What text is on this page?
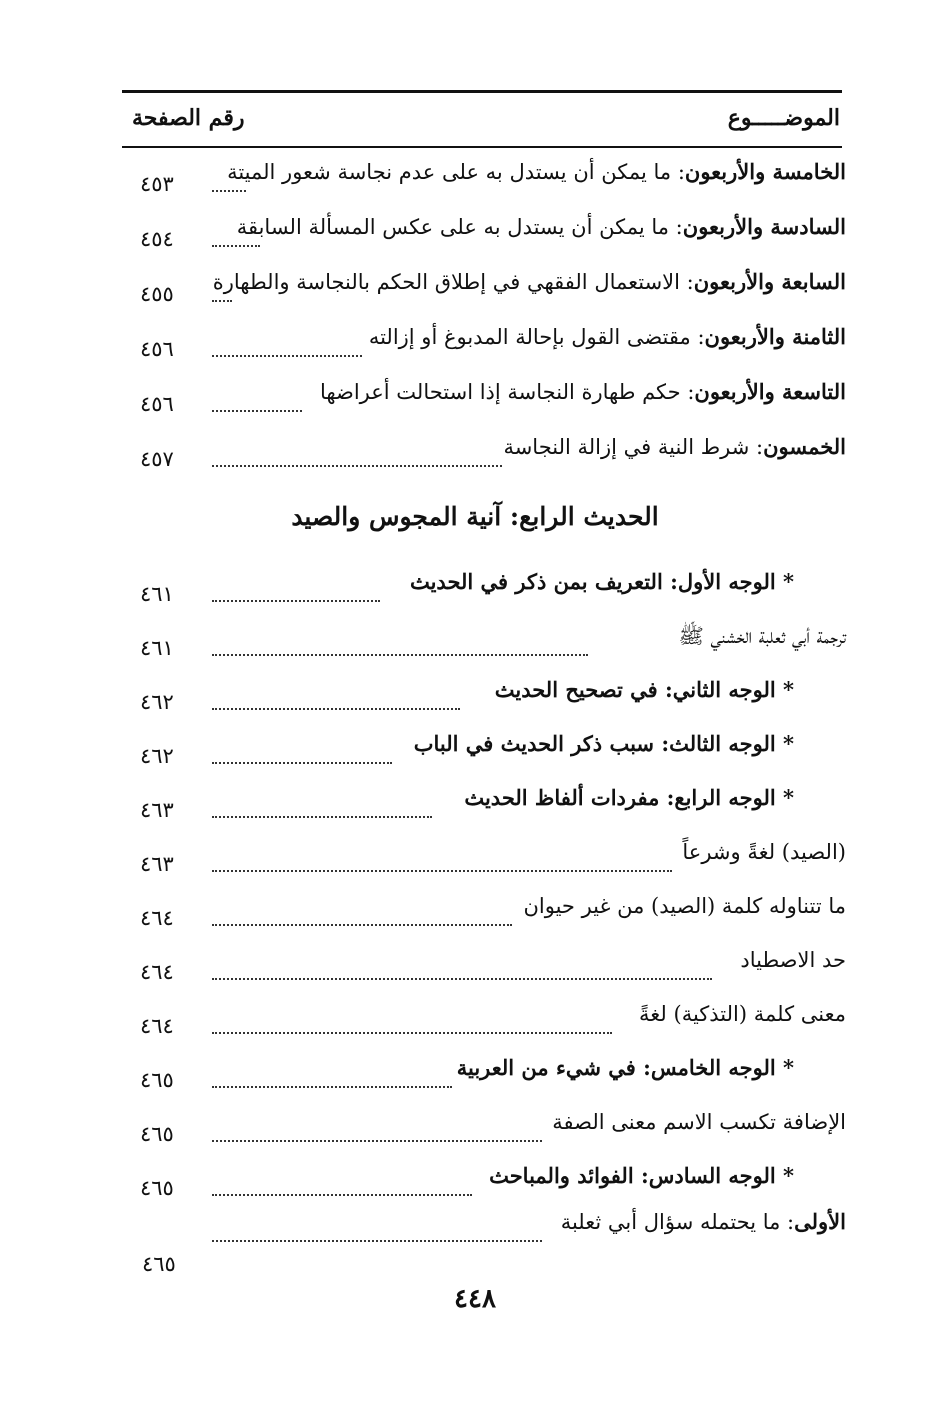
الموضـــــوع
رقم الصفحة
الخامسة والأربعون: ما يمكن أن يستدل به على عدم نجاسة شعور الميتة
٤٥٣
السادسة والأربعون: ما يمكن أن يستدل به على عكس المسألة السابقة
٤٥٤
السابعة والأربعون: الاستعمال الفقهي في إطلاق الحكم بالنجاسة والطهارة
٤٥٥
الثامنة والأربعون: مقتضى القول بإحالة المدبوغ أو إزالته
٤٥٦
التاسعة والأربعون: حكم طهارة النجاسة إذا استحالت أعراضها
٤٥٦
الخمسون: شرط النية في إزالة النجاسة
٤٥٧
الحديث الرابع: آنية المجوس والصيد
* الوجه الأول: التعريف بمن ذكر في الحديث
٤٦١
ترجمة أبي ثعلبة الخشني ﷺ
٤٦١
* الوجه الثاني: في تصحيح الحديث
٤٦٢
* الوجه الثالث: سبب ذكر الحديث في الباب
٤٦٢
* الوجه الرابع: مفردات ألفاظ الحديث
٤٦٣
(الصيد) لغةً وشرعاً
٤٦٣
ما تتناوله كلمة (الصيد) من غير حيوان
٤٦٤
حد الاصطياد
٤٦٤
معنى كلمة (التذكية) لغةً
٤٦٤
* الوجه الخامس: في شيء من العربية
٤٦٥
الإضافة تكسب الاسم معنى الصفة
٤٦٥
* الوجه السادس: الفوائد والمباحث
٤٦٥
الأولى: ما يحتمله سؤال أبي ثعلبة
٤٦٥
٤٤٨
